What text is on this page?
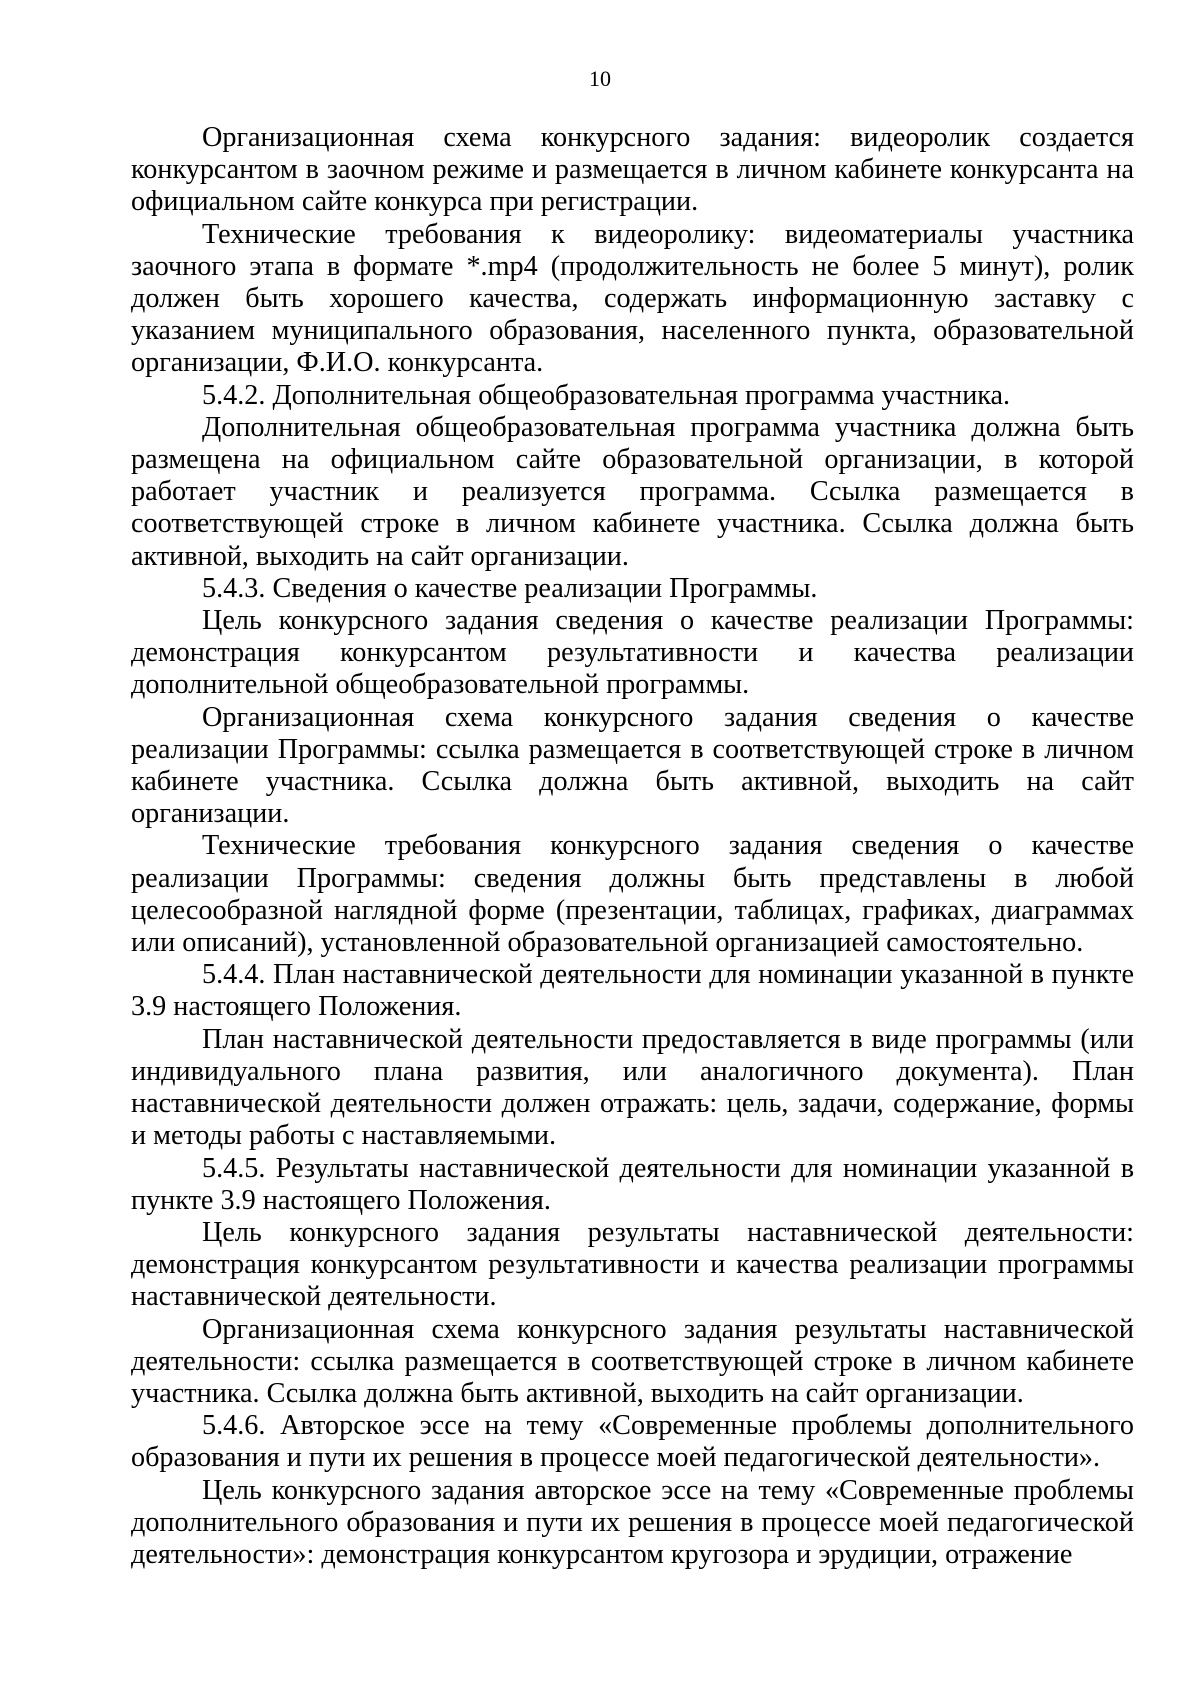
10

Организационная схема конкурсного задания: видеоролик создается конкурсантом в заочном режиме и размещается в личном кабинете конкурсанта на официальном сайте конкурса при регистрации.

Технические требования к видеоролику: видеоматериалы участника заочного этапа в формате *.mp4 (продолжительность не более 5 минут), ролик должен быть хорошего качества, содержать информационную заставку с указанием муниципального образования, населенного пункта, образовательной организации, Ф.И.О. конкурсанта.

5.4.2. Дополнительная общеобразовательная программа участника.

Дополнительная общеобразовательная программа участника должна быть размещена на официальном сайте образовательной организации, в которой работает участник и реализуется программа. Ссылка размещается в соответствующей строке в личном кабинете участника. Ссылка должна быть активной, выходить на сайт организации.

5.4.3. Сведения о качестве реализации Программы.

Цель конкурсного задания сведения о качестве реализации Программы: демонстрация конкурсантом результативности и качества реализации дополнительной общеобразовательной программы.

Организационная схема конкурсного задания сведения о качестве реализации Программы: ссылка размещается в соответствующей строке в личном кабинете участника. Ссылка должна быть активной, выходить на сайт организации.

Технические требования конкурсного задания сведения о качестве реализации Программы: сведения должны быть представлены в любой целесообразной наглядной форме (презентации, таблицах, графиках, диаграммах или описаний), установленной образовательной организацией самостоятельно.

5.4.4. План наставнической деятельности для номинации указанной в пункте 3.9 настоящего Положения.

План наставнической деятельности предоставляется в виде программы (или индивидуального плана развития, или аналогичного документа). План наставнической деятельности должен отражать: цель, задачи, содержание, формы и методы работы с наставляемыми.

5.4.5. Результаты наставнической деятельности для номинации указанной в пункте 3.9 настоящего Положения.

Цель конкурсного задания результаты наставнической деятельности: демонстрация конкурсантом результативности и качества реализации программы наставнической деятельности.

Организационная схема конкурсного задания результаты наставнической деятельности: ссылка размещается в соответствующей строке в личном кабинете участника. Ссылка должна быть активной, выходить на сайт организации.

5.4.6. Авторское эссе на тему «Современные проблемы дополнительного образования и пути их решения в процессе моей педагогической деятельности».

Цель конкурсного задания авторское эссе на тему «Современные проблемы дополнительного образования и пути их решения в процессе моей педагогической деятельности»: демонстрация конкурсантом кругозора и эрудиции, отражение
